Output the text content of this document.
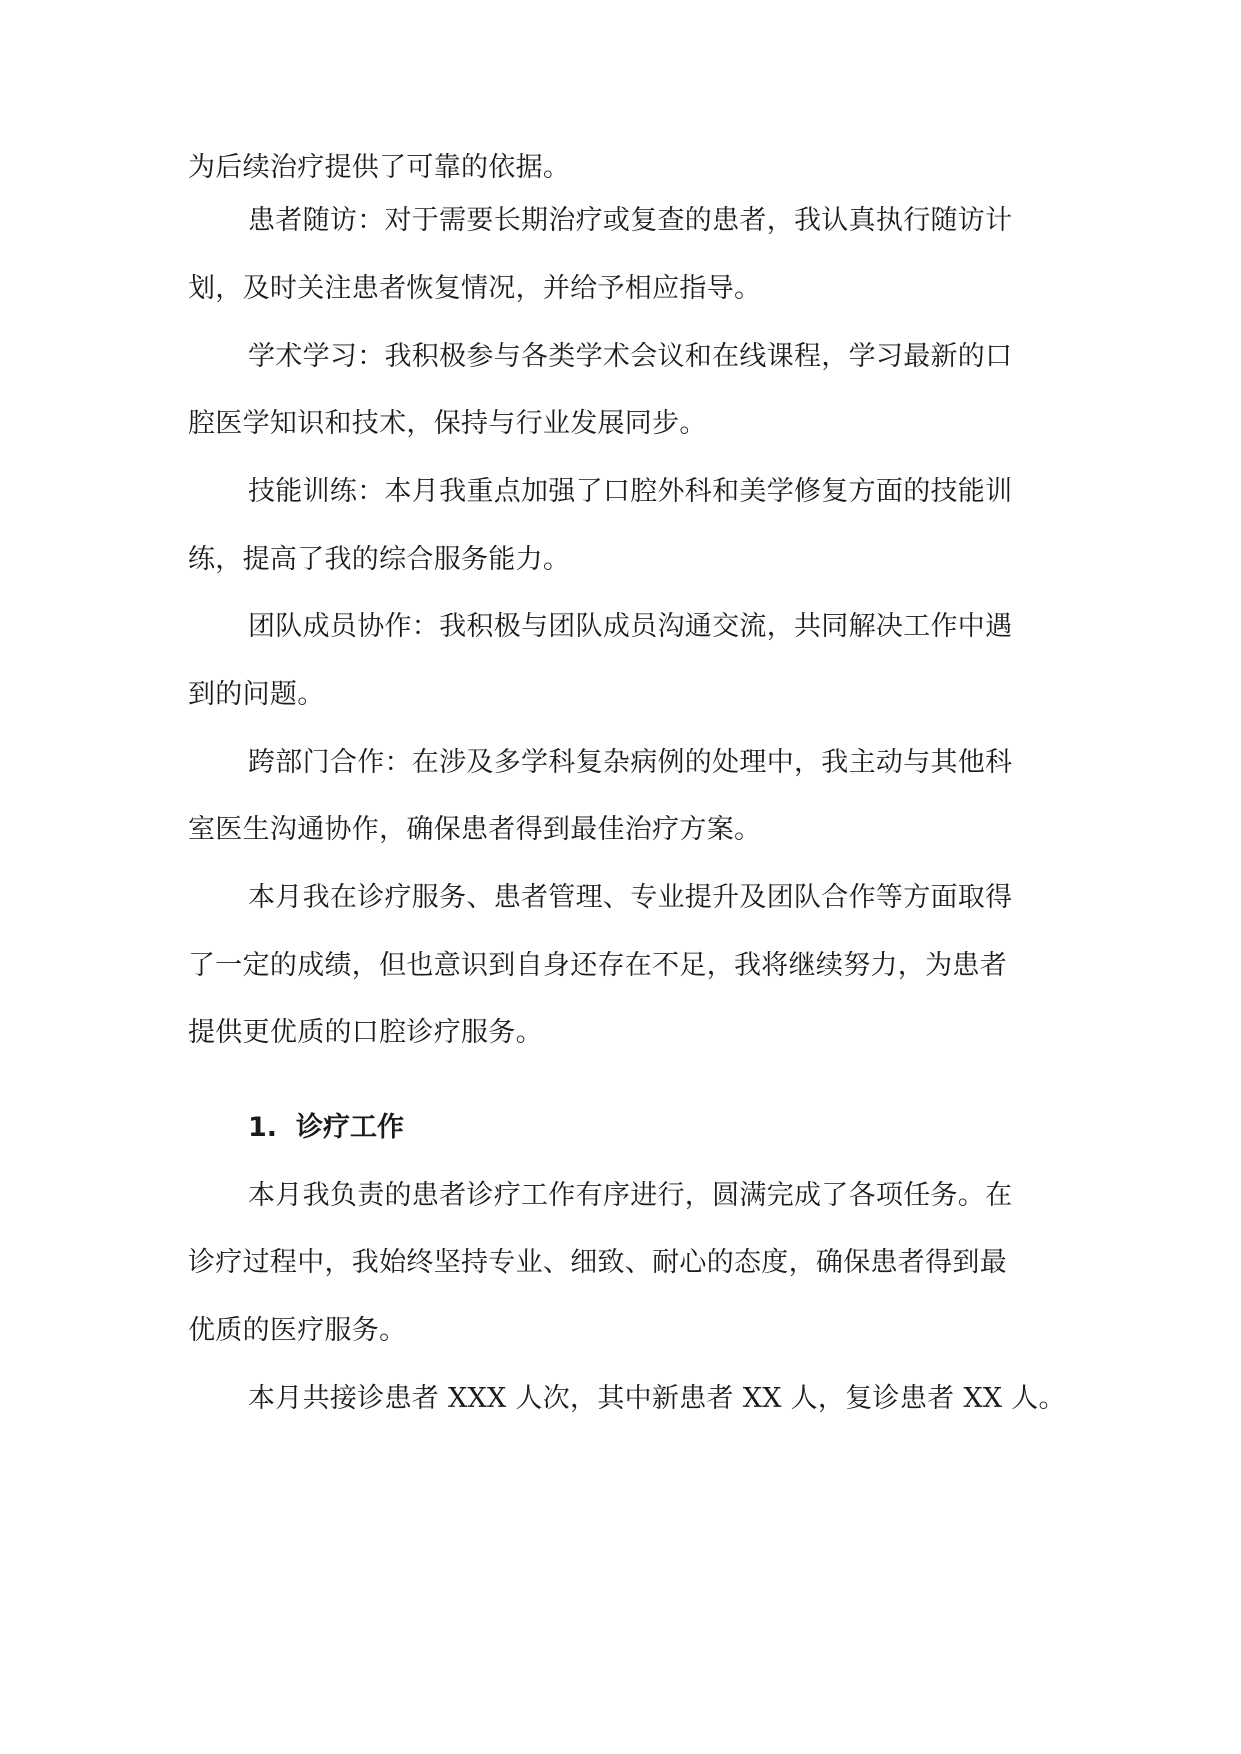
为后续治疗提供了可靠的依据。
患者随访：对于需要长期治疗或复查的患者，我认真执行随访计
划，及时关注患者恢复情况，并给予相应指导。
学术学习：我积极参与各类学术会议和在线课程，学习最新的口
腔医学知识和技术，保持与行业发展同步。
技能训练：本月我重点加强了口腔外科和美学修复方面的技能训
练，提高了我的综合服务能力。
团队成员协作：我积极与团队成员沟通交流，共同解决工作中遇
到的问题。
跨部门合作：在涉及多学科复杂病例的处理中，我主动与其他科
室医生沟通协作，确保患者得到最佳治疗方案。
本月我在诊疗服务、患者管理、专业提升及团队合作等方面取得
了一定的成绩，但也意识到自身还存在不足，我将继续努力，为患者
提供更优质的口腔诊疗服务。
1. 诊疗工作
本月我负责的患者诊疗工作有序进行，圆满完成了各项任务。在
诊疗过程中，我始终坚持专业、细致、耐心的态度，确保患者得到最
优质的医疗服务。
本月共接诊患者 XXX 人次，其中新患者 XX 人，复诊患者 XX 人。
